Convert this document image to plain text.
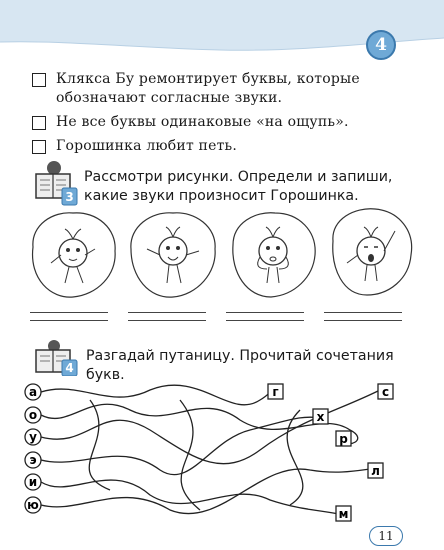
4
Клякса Бу ремонтирует буквы, которые обозначают согласные звуки.
Не все буквы одинаковые «на ощупь».
Горошинка любит петь.
3
Рассмотри рисунки. Определи и запиши, какие звуки произносит Горошинка.
4
Разгадай путаницу. Прочитай сочетания букв.
а
о
у
э
и
ю
г	с
х
р
л
м
11
